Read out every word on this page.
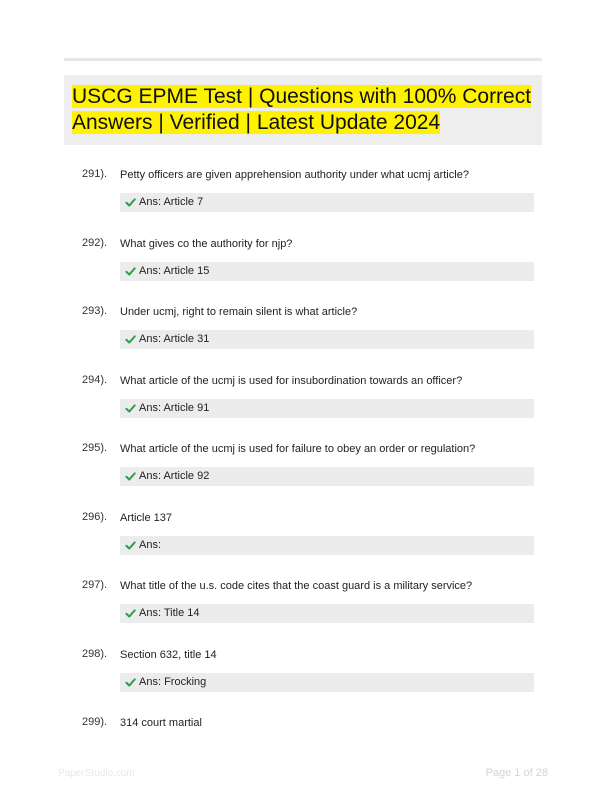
USCG EPME Test | Questions with 100% Correct Answers | Verified | Latest Update 2024
291). Petty officers are given apprehension authority under what ucmj article?
Ans: Article 7
292). What gives co the authority for njp?
Ans: Article 15
293). Under ucmj, right to remain silent is what article?
Ans: Article 31
294). What article of the ucmj is used for insubordination towards an officer?
Ans: Article 91
295). What article of the ucmj is used for failure to obey an order or regulation?
Ans: Article 92
296). Article 137
Ans:
297). What title of the u.s. code cites that the coast guard is a military service?
Ans: Title 14
298). Section 632, title 14
Ans: Frocking
299). 314 court martial
PaperStudio.com	Page 1 of 28
